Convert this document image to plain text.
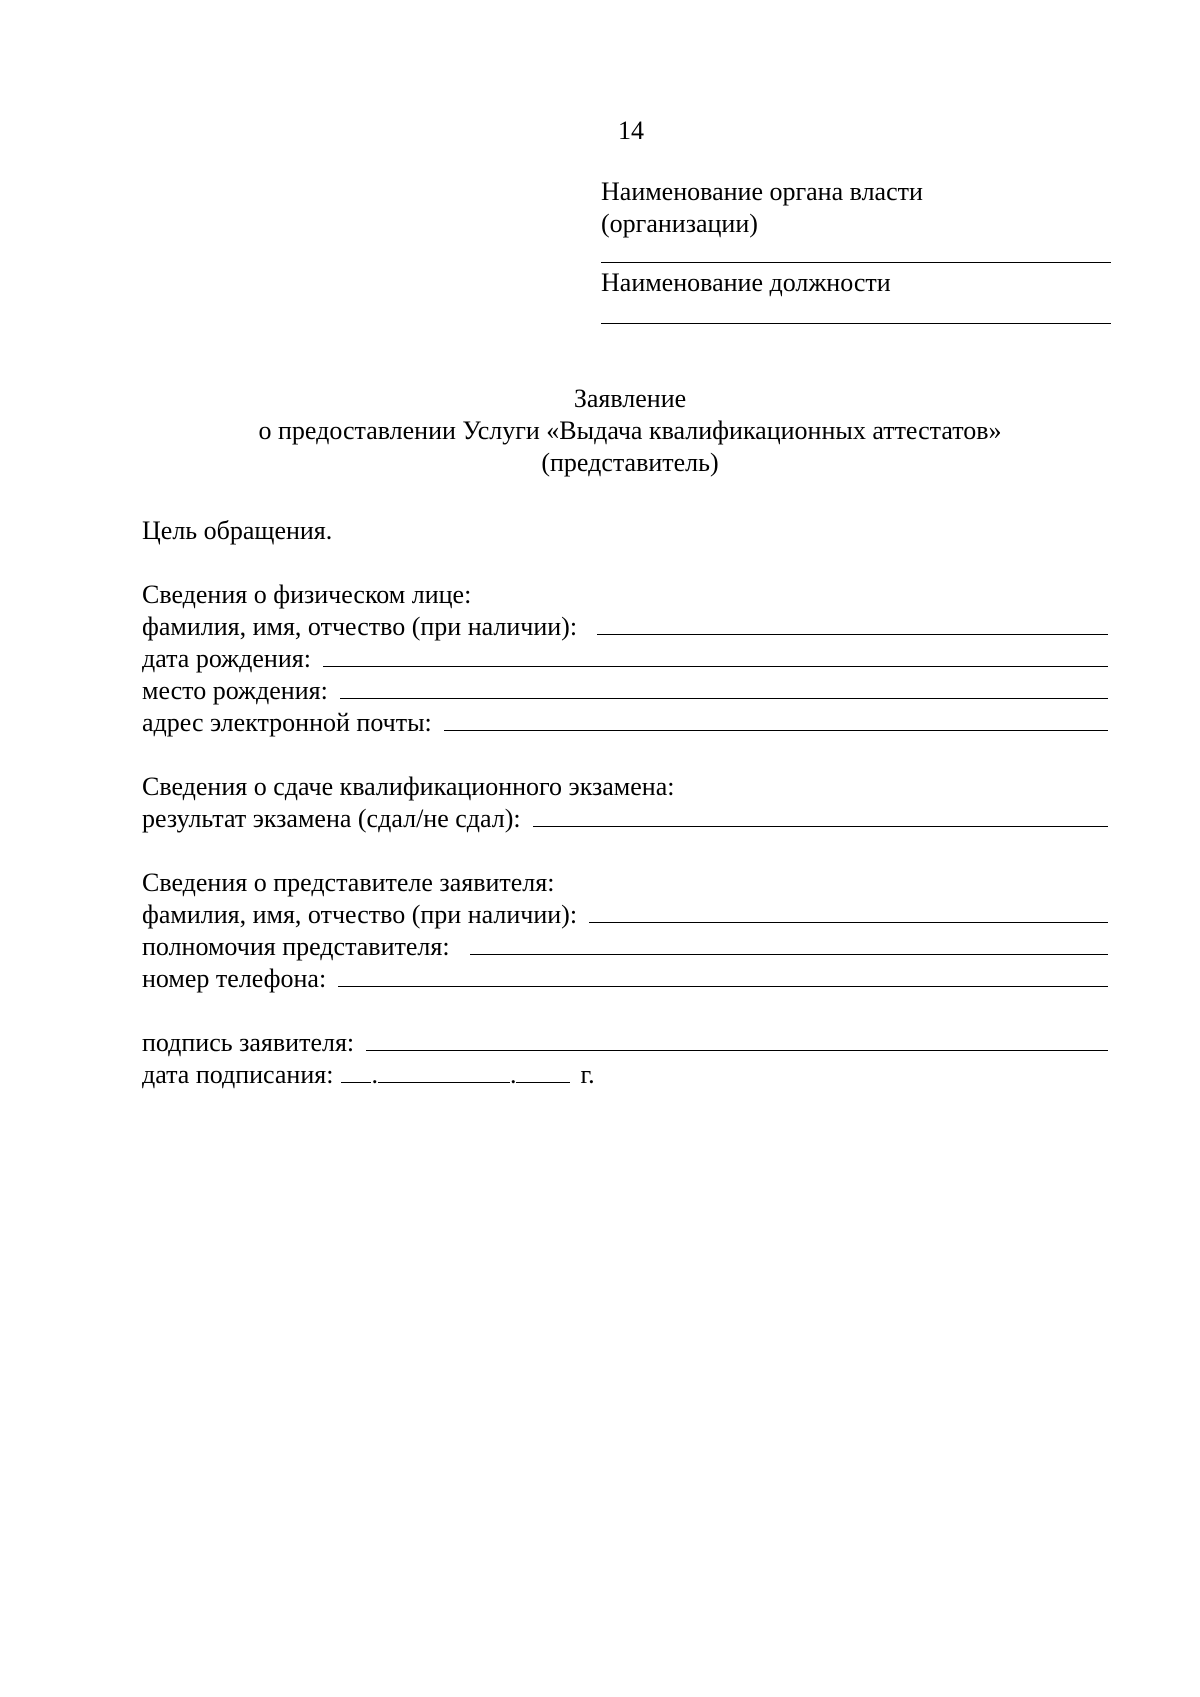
14
Наименование органа власти
(организации)
Наименование должности
Заявление
о предоставлении Услуги «Выдача квалификационных аттестатов»
(представитель)
Цель обращения.
Сведения о физическом лице:
фамилия, имя, отчество (при наличии):
дата рождения:
место рождения:
адрес электронной почты:
Сведения о сдаче квалификационного экзамена:
результат экзамена (сдал/не сдал):
Сведения о представителе заявителя:
фамилия, имя, отчество (при наличии):
полномочия представителя:
номер телефона:
подпись заявителя:
дата подписания: .	. г.
